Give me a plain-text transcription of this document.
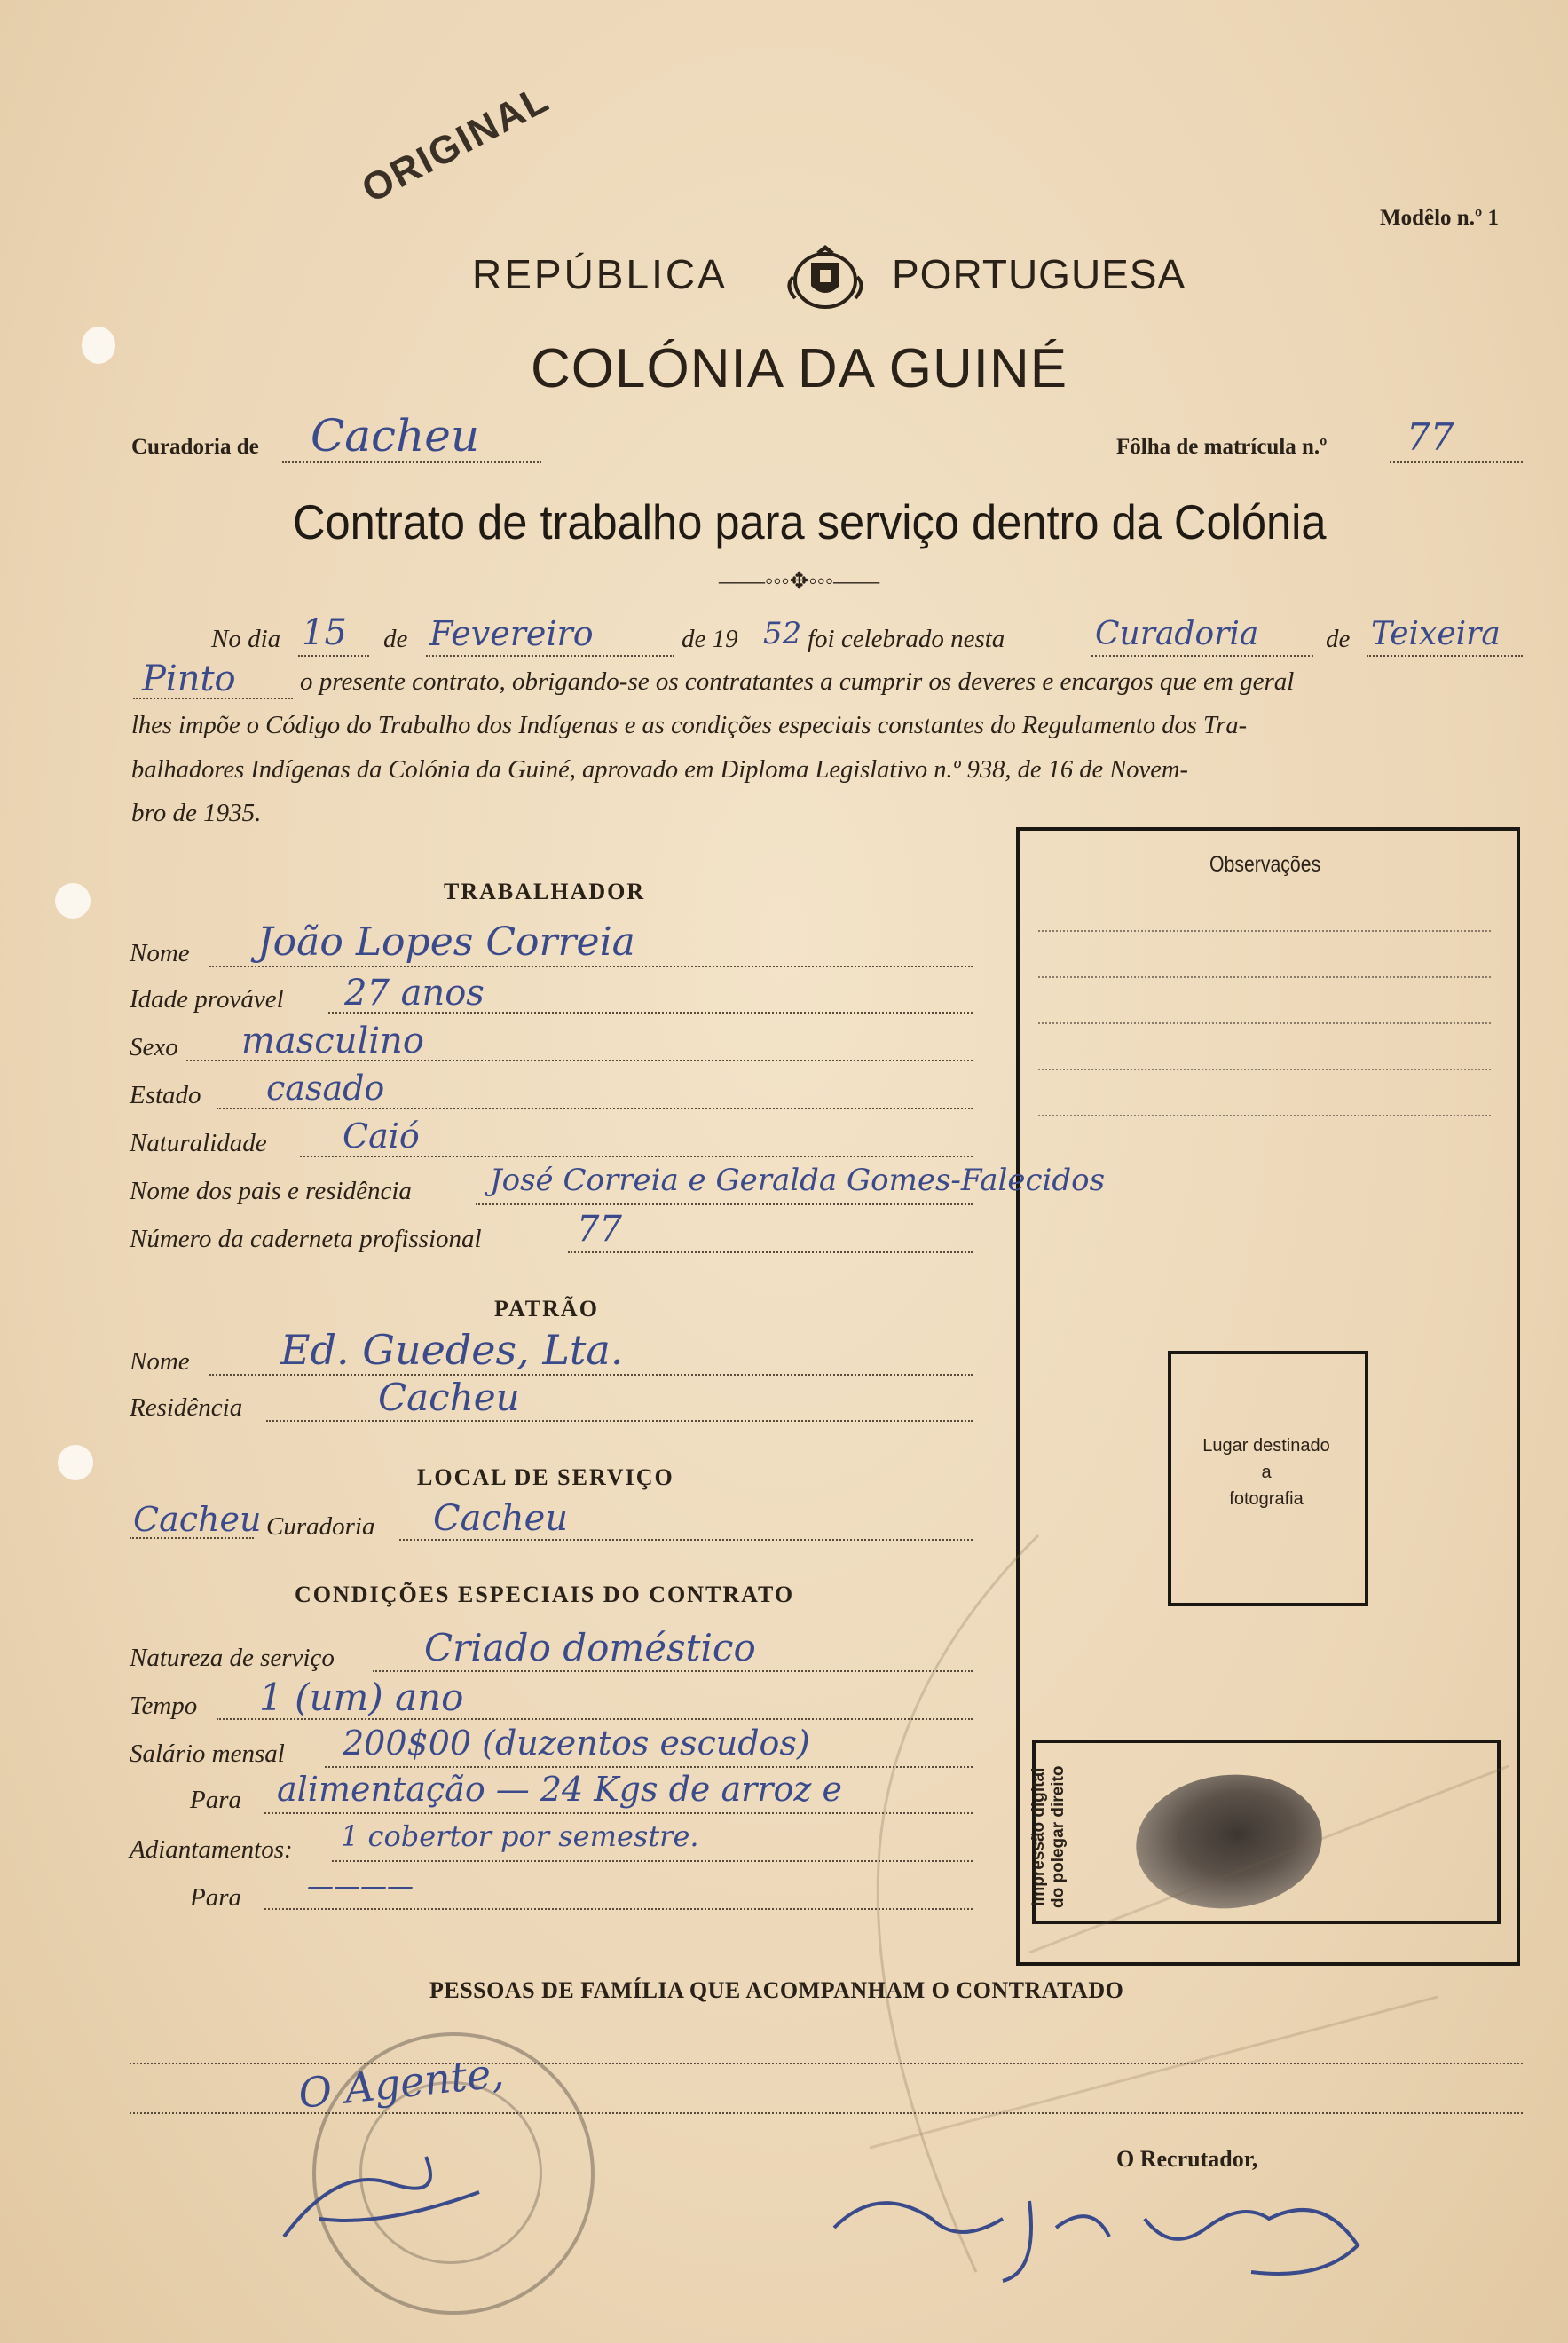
ORIGINAL
Modêlo n.º 1
REPÚBLICA	PORTUGUESA
COLÓNIA DA GUINÉ
Curadoria de Cacheu	Fôlha de matrícula n.º 77
Contrato de trabalho para serviço dentro da Colónia
——◦◦◦✥◦◦◦——
No dia 15 de Fevereiro	de 19 52 foi celebrado nesta	Curadoria	de Teixeira
Pinto o presente contrato, obrigando-se os contratantes a cumprir os deveres e encargos que em geral
lhes impõe o Código do Trabalho dos Indígenas e as condições especiais constantes do Regulamento dos Tra-
balhadores Indígenas da Colónia da Guiné, aprovado em Diploma Legislativo n.º 938, de 16 de Novem-
bro de 1935.
Observações
Lugar destinado
a
fotografia
Impressão digital do polegar direito
TRABALHADOR
Nome João Lopes Correia
Idade provável 27 anos
Sexo masculino
Estado casado
Naturalidade Caió
Nome dos pais e residência	José Correia e Geralda Gomes-Falecidos
Número da caderneta profissional	77
PATRÃO
Nome Ed. Guedes, Lta.
Residência	Cacheu
LOCAL DE SERVIÇO
Cacheu Curadoria Cacheu
CONDIÇÕES ESPECIAIS DO CONTRATO
Natureza de serviço Criado doméstico
Tempo 1 (um) ano
Salário mensal 200$00 (duzentos escudos)
Para alimentação — 24 Kgs de arroz e
Adiantamentos: 1 cobertor por semestre.
Para ————
PESSOAS DE FAMÍLIA QUE ACOMPANHAM O CONTRATADO
O Agente,
O Recrutador,
